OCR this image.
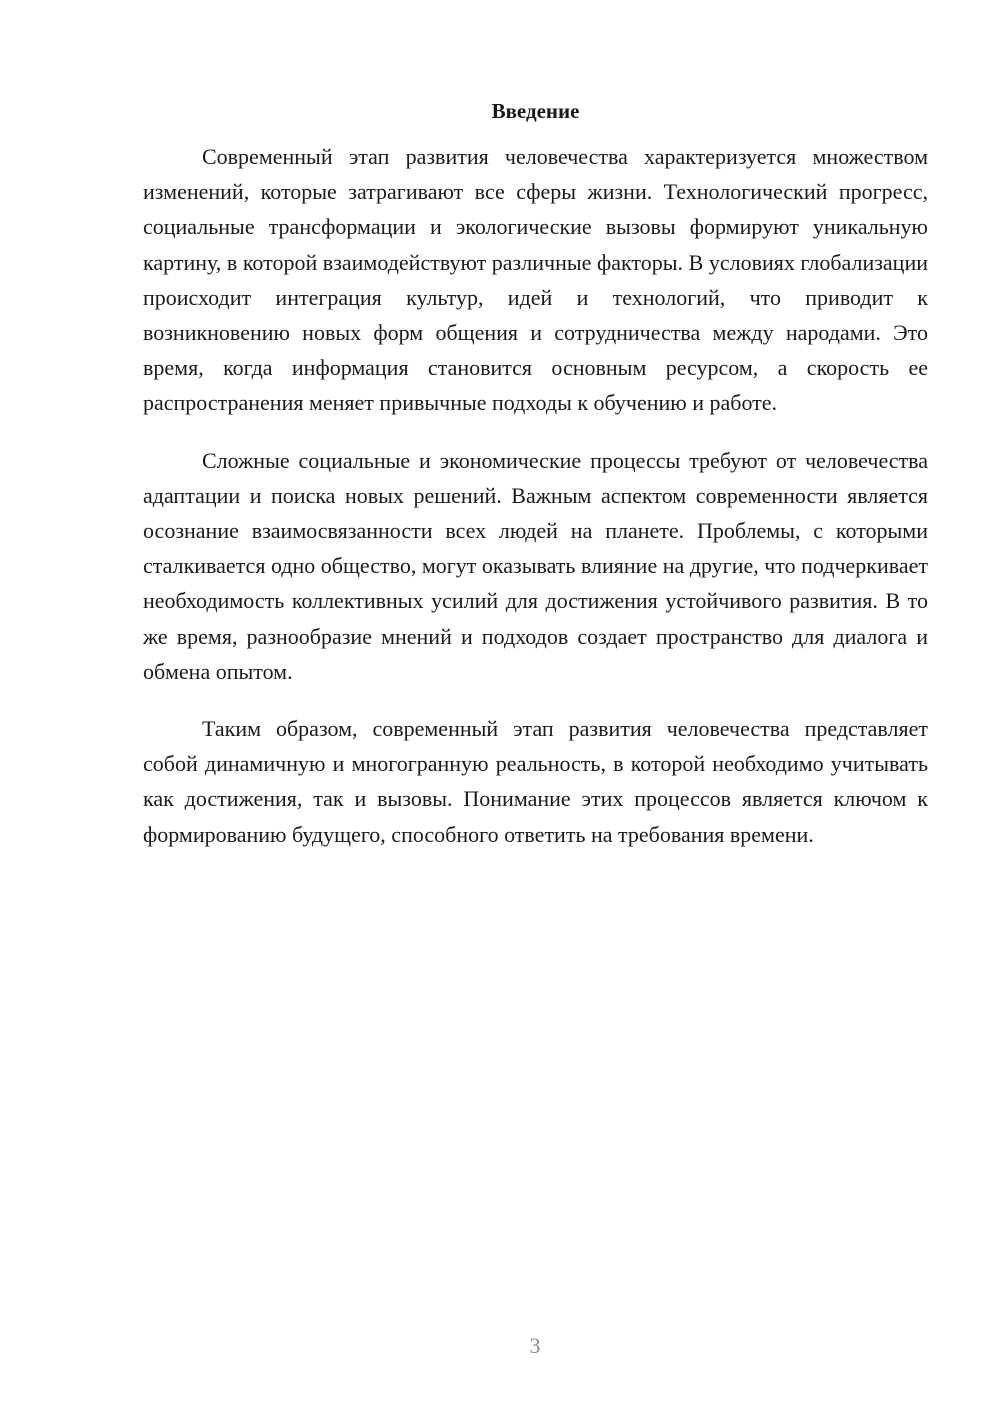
Введение

Современный этап развития человечества характеризуется множеством изменений, которые затрагивают все сферы жизни. Технологический прогресс, социальные трансформации и экологические вызовы формируют уникальную картину, в которой взаимодействуют различные факторы. В условиях глобализации происходит интеграция культур, идей и технологий, что приводит к возникновению новых форм общения и сотрудничества между народами. Это время, когда информация становится основным ресурсом, а скорость ее распространения меняет привычные подходы к обучению и работе.

Сложные социальные и экономические процессы требуют от человечества адаптации и поиска новых решений. Важным аспектом современности является осознание взаимосвязанности всех людей на планете. Проблемы, с которыми сталкивается одно общество, могут оказывать влияние на другие, что подчеркивает необходимость коллективных усилий для достижения устойчивого развития. В то же время, разнообразие мнений и подходов создает пространство для диалога и обмена опытом.

Таким образом, современный этап развития человечества представляет собой динамичную и многогранную реальность, в которой необходимо учитывать как достижения, так и вызовы. Понимание этих процессов является ключом к формированию будущего, способного ответить на требования времени.

3
